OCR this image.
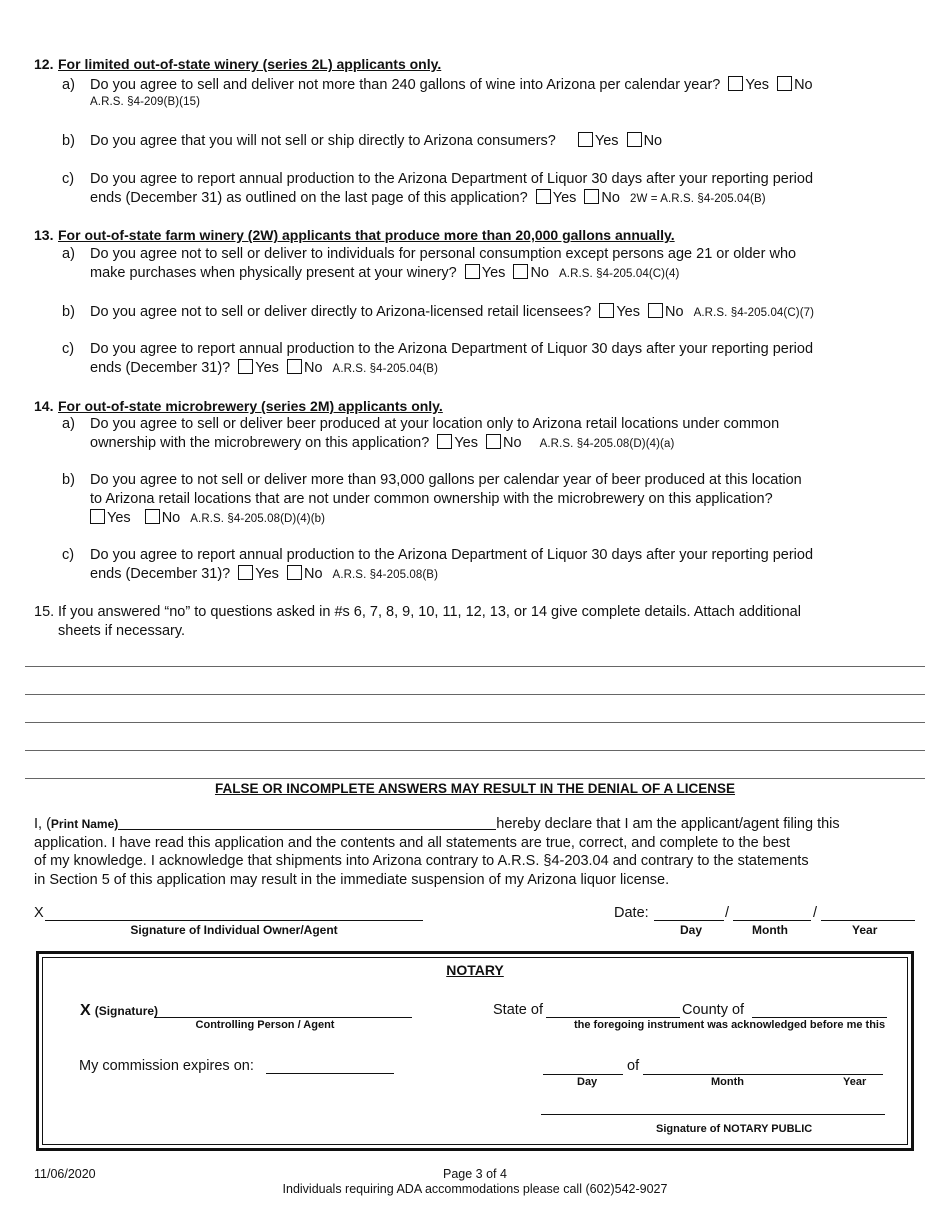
12. For limited out-of-state winery (series 2L) applicants only.
a)	Do you agree to sell and deliver not more than 240 gallons of wine into Arizona per calendar year? Yes No
A.R.S. §4-209(B)(15)
b)	Do you agree that you will not sell or ship directly to Arizona consumers?	Yes No
c)	Do you agree to report annual production to the Arizona Department of Liquor 30 days after your reporting period
ends (December 31) as outlined on the last page of this application? Yes No 2W = A.R.S. §4-205.04(B)
13. For out-of-state farm winery (2W) applicants that produce more than 20,000 gallons annually.
a)	Do you agree not to sell or deliver to individuals for personal consumption except persons age 21 or older who
make purchases when physically present at your winery? Yes No A.R.S. §4-205.04(C)(4)
b)	Do you agree not to sell or deliver directly to Arizona-licensed retail licensees? Yes No A.R.S. §4-205.04(C)(7)
c)	Do you agree to report annual production to the Arizona Department of Liquor 30 days after your reporting period
ends (December 31)? Yes No A.R.S. §4-205.04(B)
14. For out-of-state microbrewery (series 2M) applicants only.
a)	Do you agree to sell or deliver beer produced at your location only to Arizona retail locations under common
ownership with the microbrewery on this application? Yes No A.R.S. §4-205.08(D)(4)(a)
b)	Do you agree to not sell or deliver more than 93,000 gallons per calendar year of beer produced at this location
to Arizona retail locations that are not under common ownership with the microbrewery on this application?
Yes No A.R.S. §4-205.08(D)(4)(b)
c)	Do you agree to report annual production to the Arizona Department of Liquor 30 days after your reporting period
ends (December 31)? Yes No A.R.S. §4-205.08(B)
15. If you answered “no” to questions asked in #s 6, 7, 8, 9, 10, 11, 12, 13, or 14 give complete details. Attach additional
sheets if necessary.
FALSE OR INCOMPLETE ANSWERS MAY RESULT IN THE DENIAL OF A LICENSE
I, (Print Name)	hereby declare that I am the applicant/agent filing this
application. I have read this application and the contents and all statements are true, correct, and complete to the best
of my knowledge. I acknowledge that shipments into Arizona contrary to A.R.S. §4-203.04 and contrary to the statements
in Section 5 of this application may result in the immediate suspension of my Arizona liquor license.
X
Signature of Individual Owner/Agent
Date:	/	/
Day	Month	Year
NOTARY
X (Signature)
Controlling Person / Agent
State of	County of
the foregoing instrument was acknowledged before me this
My commission expires on:	of
Day	Month	Year
Signature of NOTARY PUBLIC
11/06/2020	Page 3 of 4
Individuals requiring ADA accommodations please call (602)542-9027
